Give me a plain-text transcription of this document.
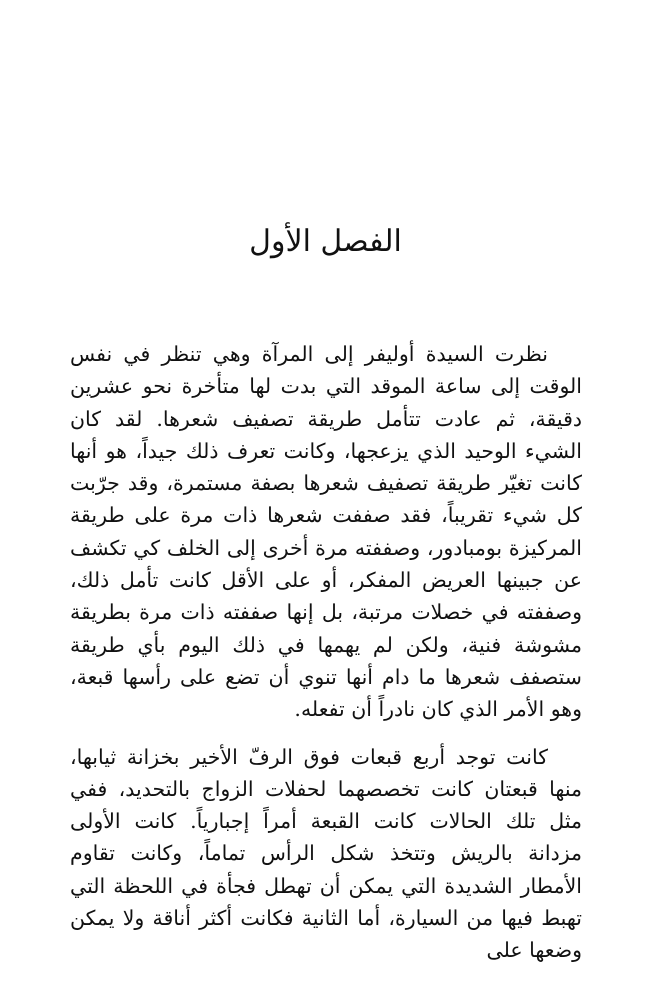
الفصل الأول

نظرت السيدة أوليفر إلى المرآة وهي تنظر في نفس الوقت إلى ساعة الموقد التي بدت لها متأخرة نحو عشرين دقيقة، ثم عادت تتأمل طريقة تصفيف شعرها. لقد كان الشيء الوحيد الذي يزعجها، وكانت تعرف ذلك جيداً، هو أنها كانت تغيّر طريقة تصفيف شعرها بصفة مستمرة، وقد جرّبت كل شيء تقريباً، فقد صففت شعرها ذات مرة على طريقة المركيزة بومبادور، وصففته مرة أخرى إلى الخلف كي تكشف عن جبينها العريض المفكر، أو على الأقل كانت تأمل ذلك، وصففته في خصلات مرتبة، بل إنها صففته ذات مرة بطريقة مشوشة فنية، ولكن لم يهمها في ذلك اليوم بأي طريقة ستصفف شعرها ما دام أنها تنوي أن تضع على رأسها قبعة، وهو الأمر الذي كان نادراً أن تفعله.

كانت توجد أربع قبعات فوق الرفّ الأخير بخزانة ثيابها، منها قبعتان كانت تخصصهما لحفلات الزواج بالتحديد، ففي مثل تلك الحالات كانت القبعة أمراً إجبارياً. كانت الأولى مزدانة بالريش وتتخذ شكل الرأس تماماً، وكانت تقاوم الأمطار الشديدة التي يمكن أن تهطل فجأة في اللحظة التي تهبط فيها من السيارة، أما الثانية فكانت أكثر أناقة ولا يمكن وضعها على
